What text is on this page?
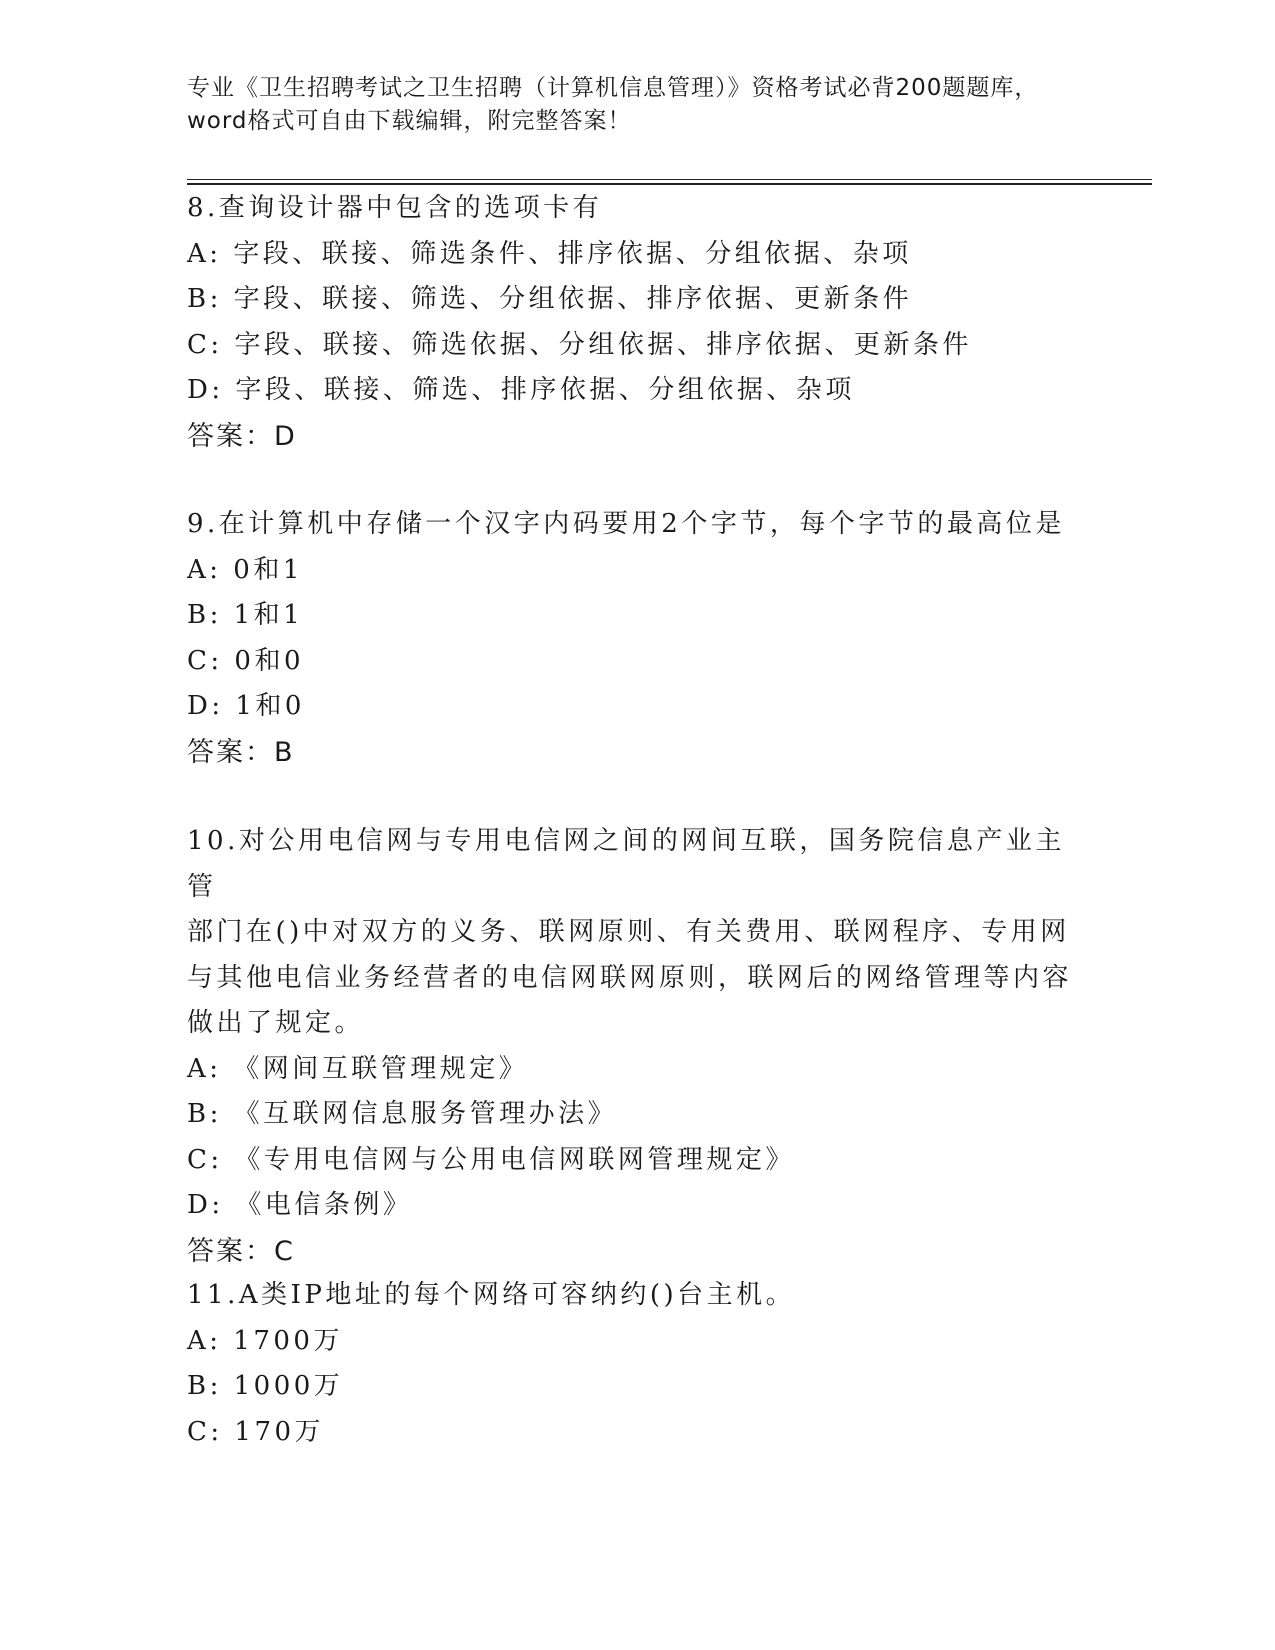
专业《卫生招聘考试之卫生招聘（计算机信息管理）》资格考试必背200题题库，
word格式可自由下载编辑，附完整答案！
8.查询设计器中包含的选项卡有
A: 字段、联接、筛选条件、排序依据、分组依据、杂项
B: 字段、联接、筛选、分组依据、排序依据、更新条件
C: 字段、联接、筛选依据、分组依据、排序依据、更新条件
D: 字段、联接、筛选、排序依据、分组依据、杂项
答案：D
9.在计算机中存储一个汉字内码要用2个字节，每个字节的最高位是
A: 0和1
B: 1和1
C: 0和0
D: 1和0
答案：B
10.对公用电信网与专用电信网之间的网间互联，国务院信息产业主管
部门在()中对双方的义务、联网原则、有关费用、联网程序、专用网
与其他电信业务经营者的电信网联网原则，联网后的网络管理等内容
做出了规定。
A: 《网间互联管理规定》
B: 《互联网信息服务管理办法》
C: 《专用电信网与公用电信网联网管理规定》
D: 《电信条例》
答案：C
11.A类IP地址的每个网络可容纳约()台主机。
A: 1700万
B: 1000万
C: 170万
